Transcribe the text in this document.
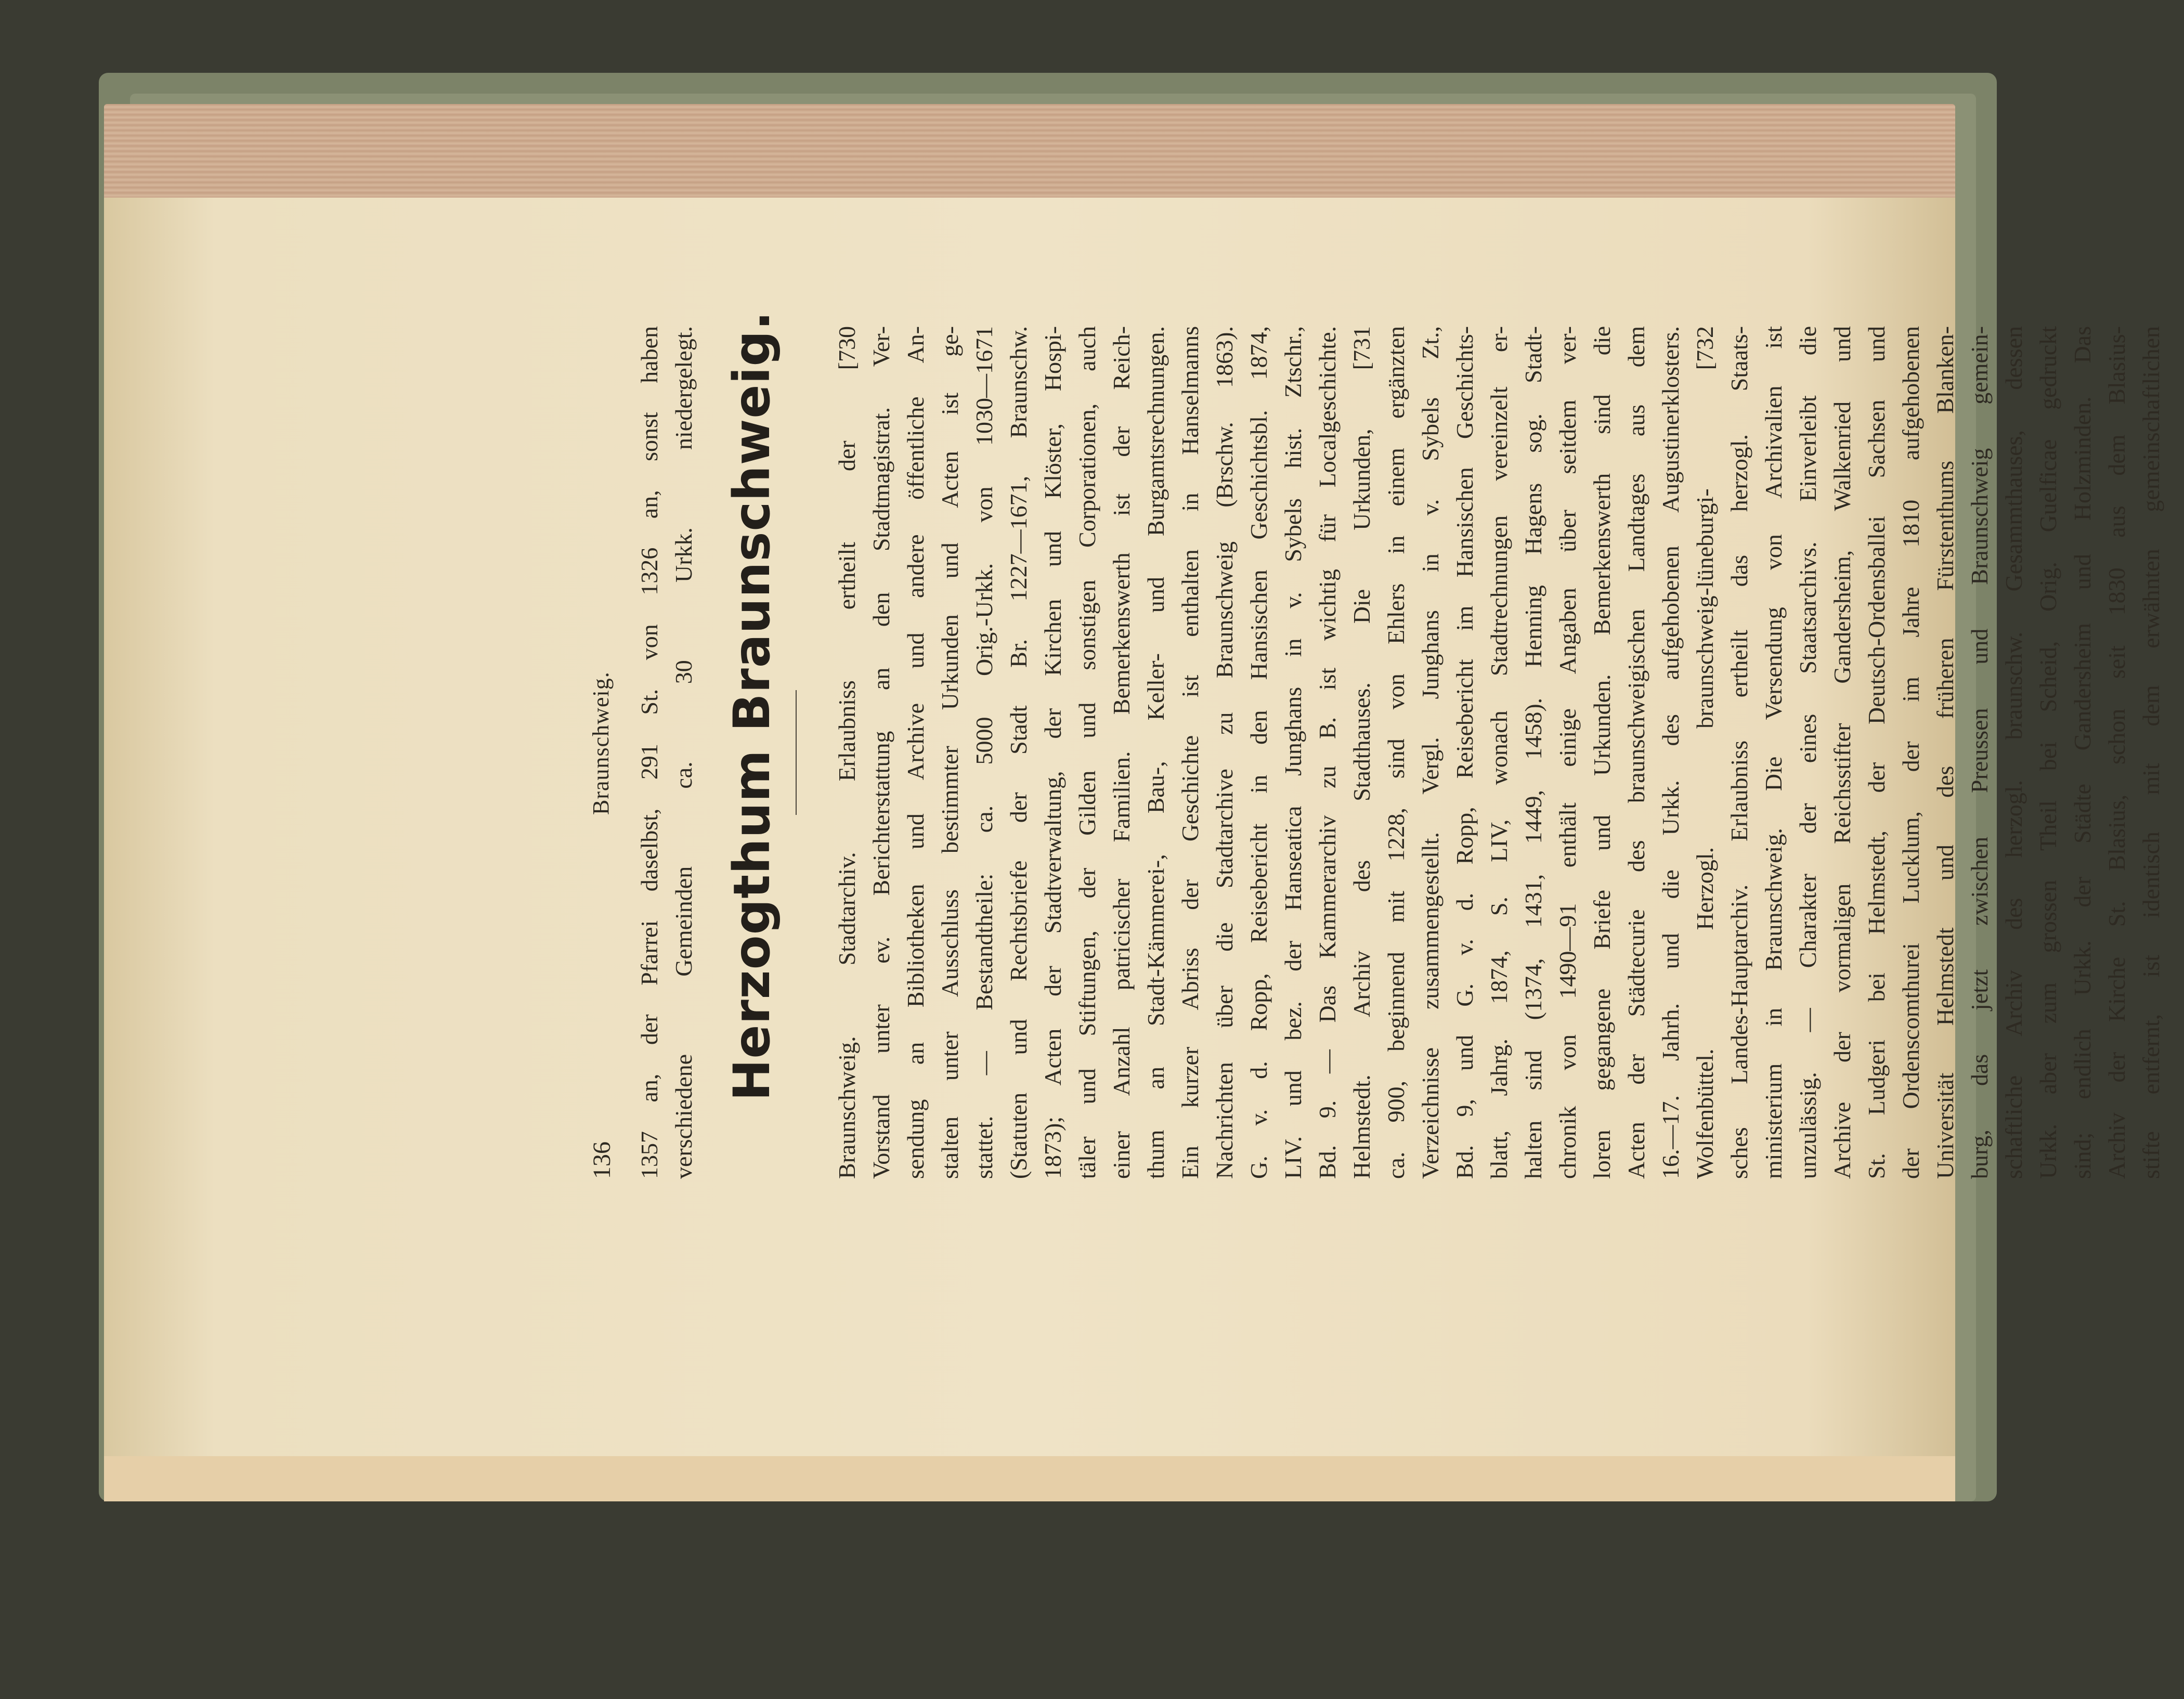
136
Braunschweig. Herzogthum Braunschweig.
1357 an, der Pfarrei daselbst, 291 St. von 1326 an, sonst haben verschiedene Gemeinden ca. 30 Urkk. niedergelegt.	Braunschweig. Stadtarchiv. Erlaubniss ertheilt der [730 Vorstand unter ev. Berichterstattung an den Stadtmagistrat. Ver- sendung an Bibliotheken und Archive und andere öffentliche An- stalten unter Ausschluss bestimmter Urkunden und Acten ist ge- stattet. — Bestandtheile: ca. 5000 Orig.-Urkk. von 1030—1671 (Statuten und Rechtsbriefe der Stadt Br. 1227—1671, Braunschw. 1873); Acten der Stadtverwaltung, der Kirchen und Klöster, Hospi- täler und Stiftungen, der Gilden und sonstigen Corporationen, auch einer Anzahl patricischer Familien. Bemerkenswerth ist der Reich- thum an Stadt-Kämmerei-, Bau-, Keller- und Burgamtsrechnungen. Ein kurzer Abriss der Geschichte ist enthalten in Hanselmanns Nachrichten über die Stadtarchive zu Braunschweig (Brschw. 1863). G. v. d. Ropp, Reisebericht in den Hansischen Geschichtsbl. 1874, LIV. und bez. der Hanseatica Junghans in v. Sybels hist. Ztschr., Bd. 9. — Das Kammerarchiv zu B. ist wichtig für Localgeschichte. Helmstedt. Archiv des Stadthauses. Die Urkunden, [731 ca. 900, beginnend mit 1228, sind von Ehlers in einem ergänzten Verzeichnisse zusammengestellt. Vergl. Junghans in v. Sybels Zt., Bd. 9, und G. v. d. Ropp, Reisebericht im Hansischen Geschichts- blatt, Jahrg. 1874, S. LIV, wonach Stadtrechnungen vereinzelt er- halten sind (1374, 1431, 1449, 1458). Henning Hagens sog. Stadt- chronik von 1490—91 enthält einige Angaben über seitdem ver- loren gegangene Briefe und Urkunden. Bemerkenswerth sind die Acten der Städtecurie des braunschweigischen Landtages aus dem 16.—17. Jahrh. und die Urkk. des aufgehobenen Augustinerklosters. Wolfenbüttel. Herzogl. braunschweig-lüneburgi- [732 sches Landes-Hauptarchiv. Erlaubniss ertheilt das herzogl. Staats- ministerium in Braunschweig. Die Versendung von Archivalien ist unzulässig. — Charakter der eines Staatsarchivs. Einverleibt die Archive der vormaligen Reichsstifter Gandersheim, Walkenried und St. Ludgeri bei Helmstedt, der Deutsch-Ordensballei Sachsen und der Ordenscomthurei Lucklum, der im Jahre 1810 aufgehobenen Universität Helmstedt und des früheren Fürstenthums Blanken- burg, das jetzt zwischen Preussen und Braunschweig gemein- schaftliche Archiv des herzogl. braunschw. Gesammthauses, dessen Urkk. aber zum grossen Theil bei Scheid, Orig. Guelficae gedruckt sind; endlich Urkk. der Städte Gandersheim und Holzminden. Das Archiv der Kirche St. Blasius, schon seit 1830 aus dem Blasius- stifte entfernt, ist identisch mit dem erwähnten gemeinschaftlichen
